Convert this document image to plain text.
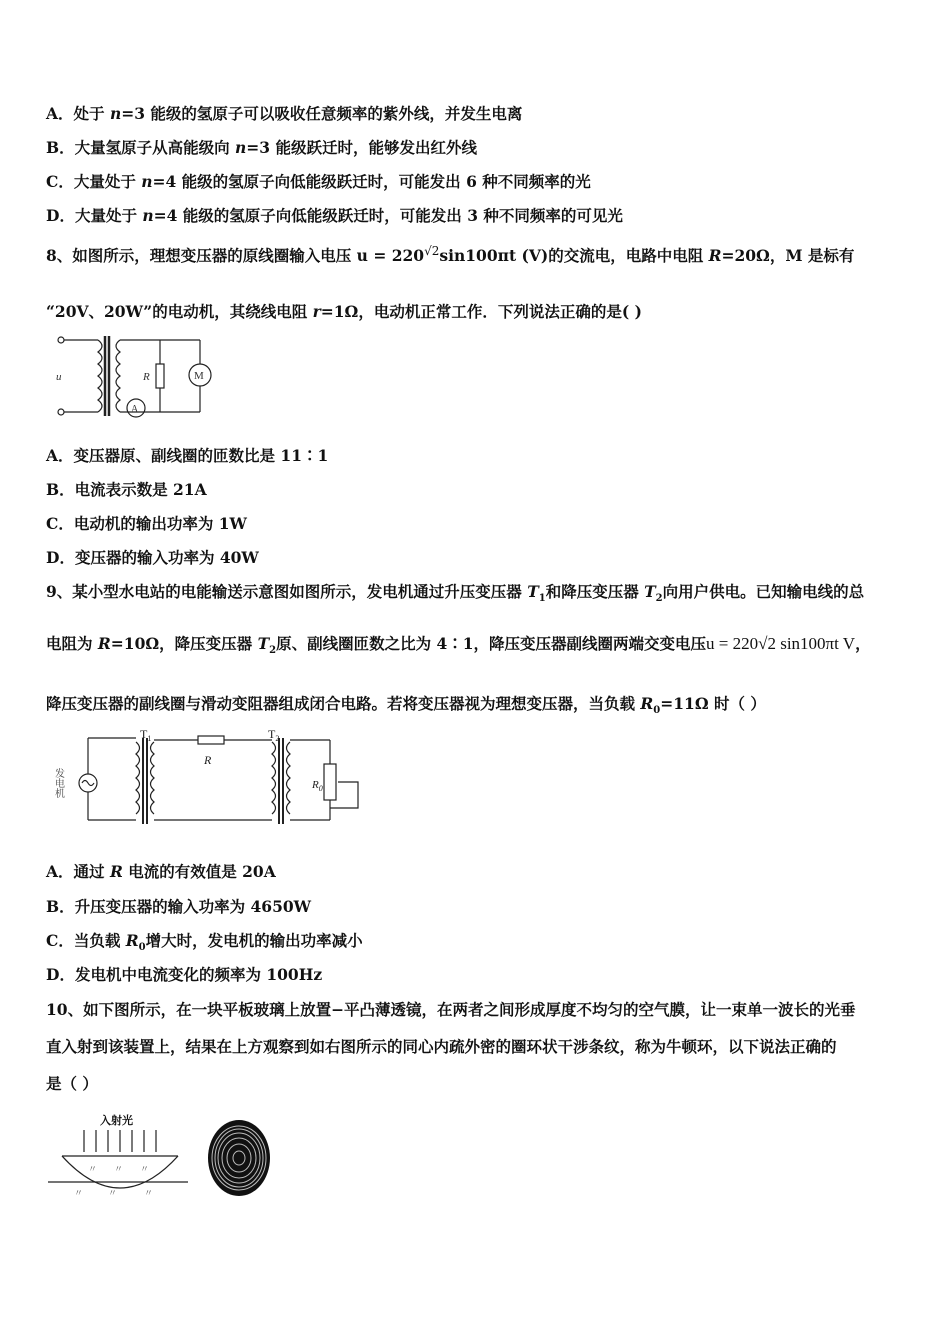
A．处于 n=3 能级的氢原子可以吸收任意频率的紫外线，并发生电离
B．大量氢原子从高能级向 n=3 能级跃迁时，能够发出红外线
C．大量处于 n=4 能级的氢原子向低能级跃迁时，可能发出 6 种不同频率的光
D．大量处于 n=4 能级的氢原子向低能级跃迁时，可能发出 3 种不同频率的可见光
8、如图所示，理想变压器的原线圈输入电压 $u = 220^{√2}\sin 100\pi t$ (V)的交流电，电路中电阻 R=20Ω，M 是标有
“20V、20W”的电动机，其绕线电阻 r=1Ω，电动机正常工作．下列说法正确的是( )
u	R	M
A
A．变压器原、副线圈的匝数比是 11∶1
B．电流表示数是 21A
C．电动机的输出功率为 1W
D．变压器的输入功率为 40W
9、某小型水电站的电能输送示意图如图所示，发电机通过升压变压器 $T_1$和降压变压器 $T_2$向用户供电。已知输电线的总
电阻为 R=10Ω，降压变压器 $T_2$原、副线圈匝数之比为 4∶1，降压变压器副线圈两端交变电压u = 220√2 sin100πt V，
降压变压器的副线圈与滑动变阻器组成闭合电路。若将变压器视为理想变压器，当负载 $R_0=11\Omega$ 时（ ）
发电机
$T_1$	$T_2$
R
$R_0$
A．通过 R 电流的有效值是 20A
B．升压变压器的输入功率为 4650W
C．当负载 $R_0$增大时，发电机的输出功率减小
D．发电机中电流变化的频率为 100Hz
10、如下图所示，在一块平板玻璃上放置−平凸薄透镜，在两者之间形成厚度不均匀的空气膜，让一束单一波长的光垂
直入射到该装置上，结果在上方观察到如右图所示的同心内疏外密的圈环状干涉条纹，称为牛顿环，以下说法正确的
是（ ）
入射光
〃 〃 〃
〃	〃	〃
